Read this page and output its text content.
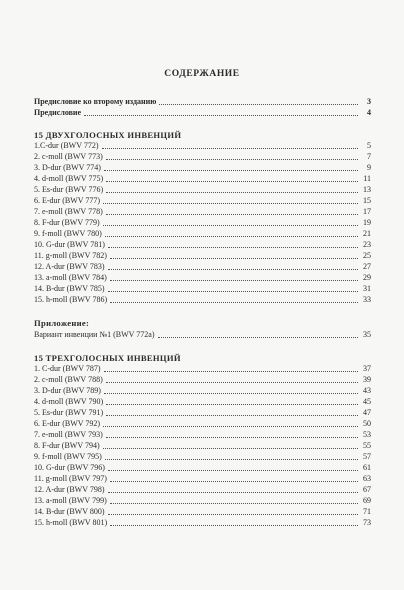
СОДЕРЖАНИЕ
Предисловие ко второму изданию	3
Предисловие	4
15 ДВУХГОЛОСНЫХ ИНВЕНЦИЙ
1.C-dur (BWV 772)	5
2. c-moll (BWV 773)	7
3. D-dur (BWV 774)	9
4. d-moll (BWV 775)	11
5. Es-dur (BWV 776)	13
6. E-dur (BWV 777)	15
7. e-moll (BWV 778)	17
8. F-dur (BWV 779)	19
9. f-moll (BWV 780)	21
10. G-dur (BWV 781)	23
11. g-moll (BWV 782)	25
12. A-dur (BWV 783)	27
13. a-moll (BWV 784)	29
14. B-dur (BWV 785)	31
15. h-moll (BWV 786)	33
Приложение:
Вариант инвенции №1 (BWV 772a)	35
15 ТРЕХГОЛОСНЫХ ИНВЕНЦИЙ
1. C-dur (BWV 787)	37
2. c-moll (BWV 788)	39
3. D-dur (BWV 789)	43
4. d-moll (BWV 790)	45
5. Es-dur (BWV 791)	47
6. E-dur (BWV 792)	50
7. e-moll (BWV 793)	53
8. F-dur (BWV 794)	55
9. f-moll (BWV 795)	57
10. G-dur (BWV 796)	61
11. g-moll (BWV 797)	63
12. A-dur (BWV 798)	67
13. a-moll (BWV 799)	69
14. B-dur (BWV 800)	71
15. h-moll (BWV 801)	73
